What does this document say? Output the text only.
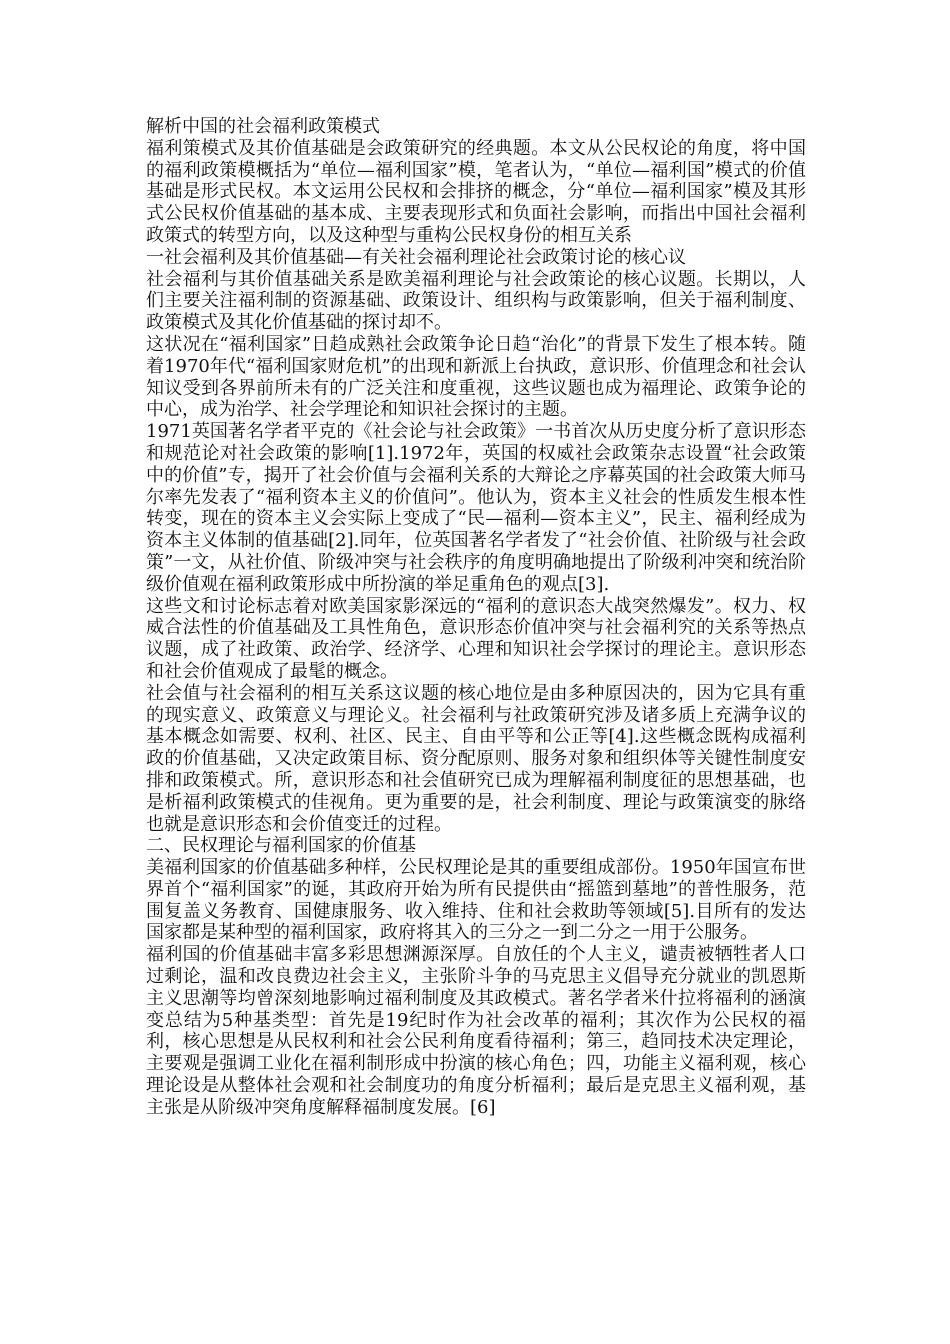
解析中国的社会福利政策模式

福利策模式及其价值基础是会政策研究的经典题。本文从公民权论的角度，将中国的福利政策模概括为“单位—福利国家”模，笔者认为，“单位—福利国”模式的价值基础是形式民权。本文运用公民权和会排挤的概念，分“单位—福利国家”模及其形式公民权价值基础的基本成、主要表现形式和负面社会影响，而指出中国社会福利政策式的转型方向，以及这种型与重构公民权身份的相互关系

一社会福利及其价值基础—有关社会福利理论社会政策讨论的核心议

社会福利与其价值基础关系是欧美福利理论与社会政策论的核心议题。长期以，人们主要关注福利制的资源基础、政策设计、组织构与政策影响，但关于福利制度、政策模式及其化价值基础的探讨却不。

这状况在“福利国家”日趋成熟社会政策争论日趋“治化”的背景下发生了根本转。随着1970年代“福利国家财危机”的出现和新派上台执政，意识形、价值理念和社会认知议受到各界前所未有的广泛关注和度重视，这些议题也成为福理论、政策争论的中心，成为治学、社会学理论和知识社会探讨的主题。

1971英国著名学者平克的《社会论与社会政策》一书首次从历史度分析了意识形态和规范论对社会政策的影响[1].1972年，英国的权威社会政策杂志设置“社会政策中的价值”专，揭开了社会价值与会福利关系的大辩论之序幕英国的社会政策大师马尔率先发表了“福利资本主义的价值问”。他认为，资本主义社会的性质发生根本性转变，现在的资本主义会实际上变成了“民—福利—资本主义”，民主、福利经成为资本主义体制的值基础[2].同年，位英国著名学者发了“社会价值、社阶级与社会政策”一文，从社价值、阶级冲突与社会秩序的角度明确地提出了阶级利冲突和统治阶级价值观在福利政策形成中所扮演的举足重角色的观点[3].

这些文和讨论标志着对欧美国家影深远的“福利的意识态大战突然爆发”。权力、权威合法性的价值基础及工具性角色，意识形态价值冲突与社会福利究的关系等热点议题，成了社政策、政治学、经济学、心理和知识社会学探讨的理论主。意识形态和社会价值观成了最髦的概念。

社会值与社会福利的相互关系这议题的核心地位是由多种原因决的，因为它具有重的现实意义、政策意义与理论义。社会福利与社政策研究涉及诸多质上充满争议的基本概念如需要、权利、社区、民主、自由平等和公正等[4].这些概念既构成福利政的价值基础，又决定政策目标、资分配原则、服务对象和组织体等关键性制度安排和政策模式。所，意识形态和社会值研究已成为理解福利制度征的思想基础，也是析福利政策模式的佳视角。更为重要的是，社会利制度、理论与政策演变的脉络也就是意识形态和会价值变迁的过程。

二、民权理论与福利国家的价值基

美福利国家的价值基础多种样，公民权理论是其的重要组成部份。1950年国宣布世界首个“福利国家”的诞，其政府开始为所有民提供由“摇篮到墓地”的普性服务，范围复盖义务教育、国健康服务、收入维持、住和社会救助等领域[5].目所有的发达国家都是某种型的福利国家，政府将其入的三分之一到二分之一用于公服务。

福利国的价值基础丰富多彩思想渊源深厚。自放任的个人主义，谴责被牺牲者人口过剩论，温和改良费边社会主义，主张阶斗争的马克思主义倡导充分就业的凯恩斯主义思潮等均曾深刻地影响过福利制度及其政模式。著名学者米什拉将福利的涵演变总结为5种基类型：首先是19纪时作为社会改革的福利；其次作为公民权的福利，核心思想是从民权利和社会公民利角度看待福利；第三，趋同技术决定理论，主要观是强调工业化在福利制形成中扮演的核心角色；四，功能主义福利观，核心理论设是从整体社会观和社会制度功的角度分析福利；最后是克思主义福利观，基主张是从阶级冲突角度解释福制度发展。[6]
